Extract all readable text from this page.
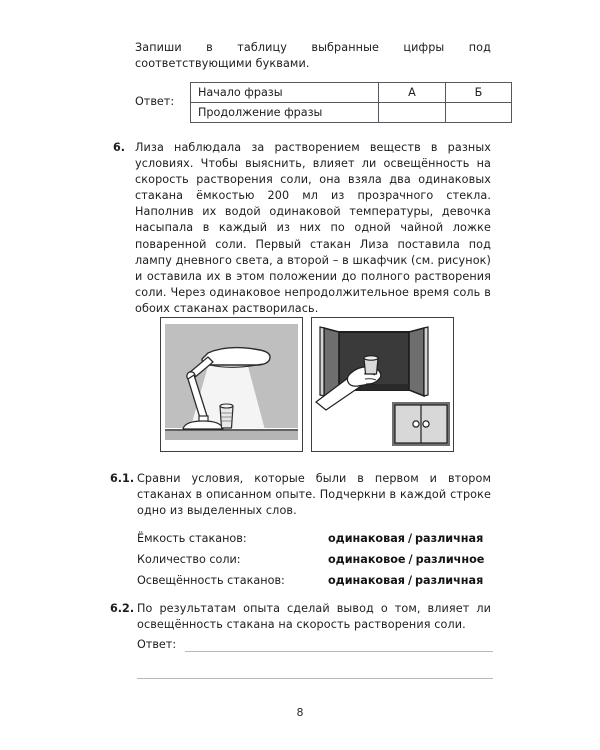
Запиши в таблицу выбранные цифры под соответствующими буквами.
Ответ:
Начало фразы	А	Б
Продолжение фразы		
6. Лиза наблюдала за растворением веществ в разных условиях. Чтобы выяснить, влияет ли освещённость на скорость растворения соли, она взяла два одинаковых стакана ёмкостью 200 мл из прозрачного стекла. Наполнив их водой одинаковой температуры, девочка насыпала в каждый из них по одной чайной ложке поваренной соли. Первый стакан Лиза поставила под лампу дневного света, а второй – в шкафчик (см. рисунок) и оставила их в этом положении до полного растворения соли. Через одинаковое непродолжительное время соль в обоих стаканах растворилась.
6.1. Сравни условия, которые были в первом и втором стаканах в описанном опыте. Подчеркни в каждой строке одно из выделенных слов.
Ёмкость стаканов:	одинаковая / различная
Количество соли:	одинаковое / различное
Освещённость стаканов:	одинаковая / различная
6.2. По результатам опыта сделай вывод о том, влияет ли освещённость стакана на скорость растворения соли.
Ответ:
8
